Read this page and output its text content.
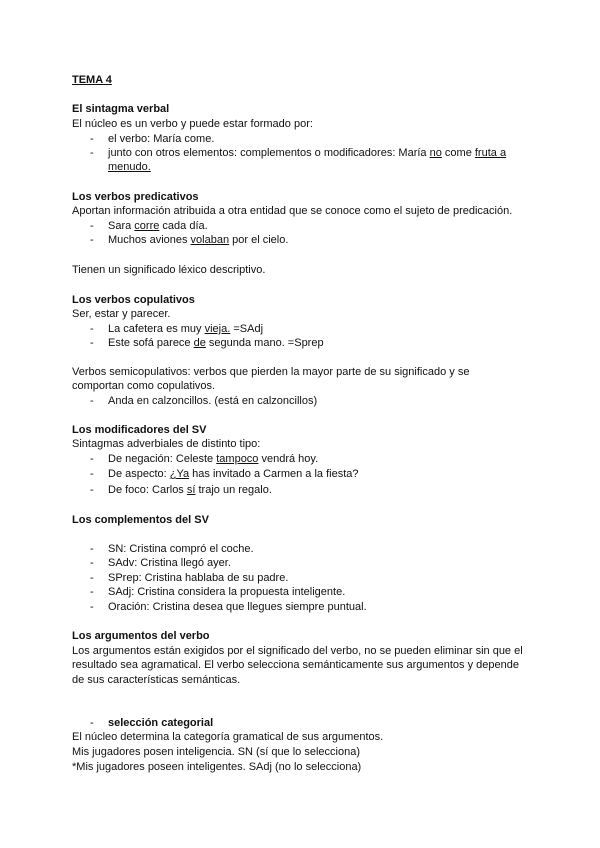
TEMA 4
El sintagma verbal
El núcleo es un verbo y puede estar formado por:
- el verbo: María come.
- junto con otros elementos: complementos o modificadores: María no come fruta a
menudo.
Los verbos predicativos
Aportan información atribuida a otra entidad que se conoce como el sujeto de predicación.
- Sara corre cada día.
- Muchos aviones volaban por el cielo.
Tienen un significado léxico descriptivo.
Los verbos copulativos
Ser, estar y parecer.
- La cafetera es muy vieja. =SAdj
- Este sofá parece de segunda mano. =Sprep
Verbos semicopulativos: verbos que pierden la mayor parte de su significado y se
comportan como copulativos.
- Anda en calzoncillos. (está en calzoncillos)
Los modificadores del SV
Sintagmas adverbiales de distinto tipo:
- De negación: Celeste tampoco vendrá hoy.
- De aspecto: ¿Ya has invitado a Carmen a la fiesta?
- De foco: Carlos sí trajo un regalo.
Los complementos del SV
- SN: Cristina compró el coche.
- SAdv: Cristina llegó ayer.
- SPrep: Cristina hablaba de su padre.
- SAdj: Cristina considera la propuesta inteligente.
- Oración: Cristina desea que llegues siempre puntual.
Los argumentos del verbo
Los argumentos están exigidos por el significado del verbo, no se pueden eliminar sin que el
resultado sea agramatical. El verbo selecciona semánticamente sus argumentos y depende
de sus características semánticas.
- selección categorial
El núcleo determina la categoría gramatical de sus argumentos.
Mis jugadores posen inteligencia. SN (sí que lo selecciona)
*Mis jugadores poseen inteligentes. SAdj (no lo selecciona)
